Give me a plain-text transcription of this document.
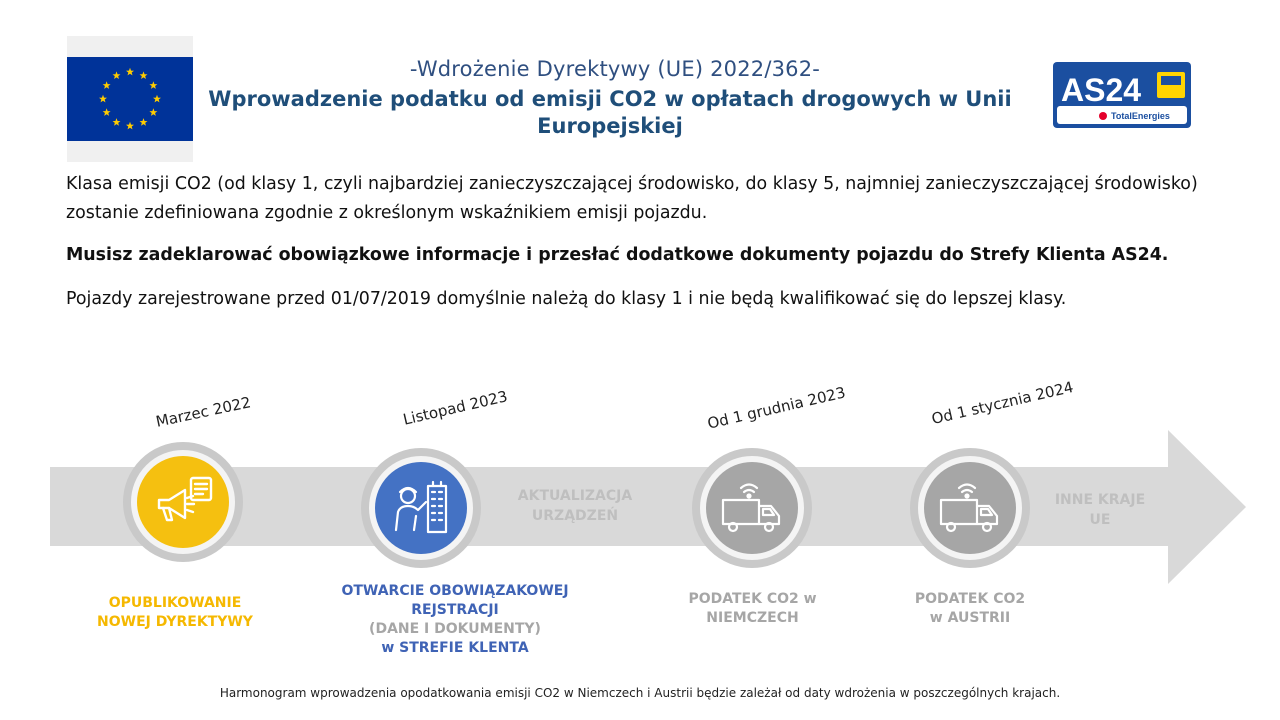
-Wdrożenie Dyrektywy (UE) 2022/362-
Wprowadzenie podatku od emisji CO2 w opłatach drogowych w Unii Europejskiej
AS24
TotalEnergies
Klasa emisji CO2 (od klasy 1, czyli najbardziej zanieczyszczającej środowisko, do klasy 5, najmniej zanieczyszczającej środowisko) zostanie zdefiniowana zgodnie z określonym wskaźnikiem emisji pojazdu.
Musisz zadeklarować obowiązkowe informacje i przesłać dodatkowe dokumenty pojazdu do Strefy Klienta AS24.
Pojazdy zarejestrowane przed 01/07/2019 domyślnie należą do klasy 1 i nie będą kwalifikować się do lepszej klasy.
Marzec 2022	Listopad 2023	Od 1 grudnia 2023	Od 1 stycznia 2024
AKTUALIZACJA
URZĄDZEŃ
INNE KRAJE
UE
OPUBLIKOWANIE
NOWEJ DYREKTYWY
OTWARCIE OBOWIĄZAKOWEJ
REJSTRACJI
(DANE I DOKUMENTY)
w STREFIE KLENTA
PODATEK CO2 w
NIEMCZECH
PODATEK CO2
w AUSTRII
Harmonogram wprowadzenia opodatkowania emisji CO2 w Niemczech i Austrii będzie zależał od daty wdrożenia w poszczególnych krajach.
